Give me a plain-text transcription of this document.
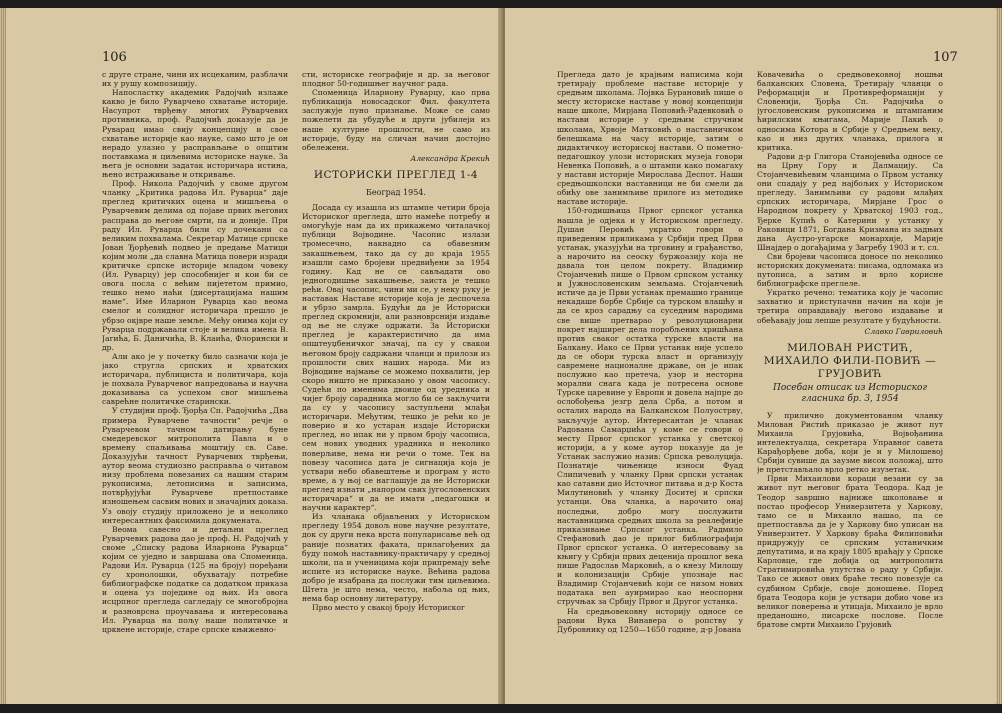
106

с друге стране, чини их исцеканим, разблачи их у рушу композицију.

Напосластку академик Радојчић излаже какво је било Руварчево схватање историје. Насупрот тврђењу многих Руварчевих противника, проф. Радојчић доказује да је Руварац имао свију концепцију и свое схватање историје као науке, само што је он нерадо улазио у расправљање о општим поставкама и циљевима историске науке. За њега је основни задатак историчара истина, њено истраживање и откривање.

Проф. Никола Радојчић у своме другом чланку „Критика радова Ил. Руварца“ даје преглед критичких оцена и мишљења о Руварчевим делима од појаве првих његових расправа до његове смрти, па и доније. При раду Ил. Руварца били су дочекани са великим похвалама. Секретар Матице српске Јован Ђорђевић подвео је предање Матици којим моли „да славна Матица повери изради критичке српске историје младом човеку (Ил. Руварцу) јер способнијег и кои би се овога посла с већим пијететом примио, тешко немо наћи (дисертацијама нашим наме“. Име Иларион Руварца као веома смелог и солидног историчара прешло је убрзо окјвре наше земље. Међу онима који су Руварца подржавали стоје и велика имена В. Јагића, Б. Даничића, В. Клаића, Флорински и др.

Али ако је у почетку било сазначи која је јако стругла српских и хрватских историчара, публициста и политичара, која је похвала Руварчевог напредовања и научна доказивања са успехом свог мишљења саврећне политичке старински.

У студијни проф. Ђорђа Сп. Радојчића „Два примера Руварчеве тачности“ речје о Руварчевом тачном датирању буне смедеревског митрополита Павла и о времену спаљивања моштију св. Саве. Доказујући тачност Руварчевих тврђењи, аутор веома студиозно расправља о читавом низу проблема повезаних са нашим старим рукописима, летописима и записима, потврђујући Руварчеве претпоставке изношењем сасвим нових и значајних доказа. Уз овоју студију приложено је и неколико интересантних факсимила докумената.

Веома савесно и детаљни преглед Руварчевих радова дао је проф. Н. Радојчић у своме „Списку радова Илариона Руварца“ којим се уједно и завршава ова Споменица. Радови Ил. Руварца (125 на броју) поређани су хронолошки, обухватају потребне библиографске податке са додатком приказа и оцена уз поједине од њих. Из овога исцрпног прегледа сагледају се многобројна и разноврсна проучавања и интересовања Ил. Руварца на пољу наше политичке и црквене историје, старе српске књижевно-

сти, историске географије и др. за његовог плодног 50-годишњег научног рада.

Споменица Илариону Руварцу, као прва публикација новосадског Фил. факултета заслужује пуно признање. Може се само пожелети да убудуће и други јубилеји из наше културне прошлости, не само из историје, буду на сличан начин достојно обележени.

Александра Крекић
ИСТОРИСКИ ПРЕГЛЕД 1-4
Београд 1954.

Досада су изашла из штампе четири броја Историског прегледа, што намеће потребу и омогућује нам да их прикажемо читалачкој публици Војводине. Часопис излази тромесечно, накнадно са обавезним закашњењем, тако да су до краја 1955 изашли само бројеви предвиђени за 1954 годину. Кад не се сављадати ово једногодишње закашњење, заиста је тешко рећи. Овај часопис, чини ми се, у неку руку је наставак Наставе историје која је деспочела и убрзо замрла. Будући да је Историски преглед скромнији, али разноврснији издање од ње не служе одржати. За Историски преглед је карактеристично да има општеуџбеничког значај, па су у свакои његовом броју садржани чланци и прилози из прошлости свих наших народа. Ми из Војводине најмање се можемо похвалити, јер скоро ништо не приказано у овом часопису. Судећи по именима двоице од уредника и чијег броју сарадника могло би се закључити да су у часопису заступљени млађи историчари. Међутим, тешко је рећи ко је поверио и ко устаран издаје Историски преглед, но ипак ни у првом броју часописа, сем нових уводних урадника и неколико поверљиве, нема ни речи о томе. Тек на повезу часописа дата је сигнација која је уствари небо обавештење и програм у исто време, а у њој се наглашује да не Историски преглед изнати „напором свих југословенских историчара“ и да не имати „педагошки и научни карактер“.

Из чланака објављених у Историском прегледу 1954 довољ нове научне резултате, док су други нека врста популарисање већ од раније познатих факата, прилагођених да буду помоћ наставнику-практичару у средњој школи, па и ученицима који припремају веће испите из историске науке. Већина радова добро је изабрана да послужи тим циљевима. Штета је што нема, често, набоља од њих, нема бар основну литературу.

Прво место у свакој броју Историског

107

Прегледа дато је крајњим написима који третирају проблеме наставе историје у средњим школама. Лојвка Бурановић пише о месту историске наставе у новој концепцији наше школе, Мирјана Поповић-Радевковић о настави историје у средњим стручним школама, Хрвоје Матковић о наставничком белешкама на часу историје, затим о дидактичкоу историској настави. О пометно-педагошкоу улози историских музеја говори Невенка Поповић, а о штампи како помагаху у настави историје Мирослава Деспот. Наши средњошколски наставници не би смели да обићу ове занимљиве прилоге из методике наставе историје.

150-годишњица Првог српског устанка нашла је одјека и у Историском прегледу. Душан Перовић укратко говори о приведеним приликама у Србији пред Први устанак, указујући на трговину и грађанство, а нарочито на сеоску буржоазију која не давала тон целом покрету. Владимир Стојанчевић пише о Првом српском устанку и Јужнословенским земљама. Стојанчевић истиче да је Први устанак премашио границе некадаше борбе Србије са турском влашћу и да се кроз сарадњу са суседним народима све више претварао у револуционарни покрет најширег дела поробљених хришћана против сваког остатка турске власти на Балкану. Иако се Први устанак није успело да се обори турска власт и организују савремене националне државе, он је ипак послужио као претеча, узор и несторна морални снага када је потресена основе Турске царевине у Европи и довела најпре до ослобођења језгр дела Срба, а потом и осталих народа на Балканском Полуострву, закључује аутор. Интересантан је чланак Радована Самарџића у коме се говори о месту Првог српског устанка у светској историји, а у коме аутор показује да је Устанак заслужио назив: Српска револуција. Познатије чињенице износи Фуад Слипичевић у чланку Први српски устанак као сатавни дио Источног питања и д-р Коста Милутиновић у чланку Доситеј и српски устанци. Ова чланка, а нарочито онај последњи, добро могу послужити наставницима средњих школа за реалефније приказивање Српског устанка. Радмило Стефановић дао је прилог библиографији Првог српског устанка. О интересовању за књигу у Србији првих деценија прошлог века пише Радослав Марковић, а о кнезу Милошу и колонизацији Србије упознаје нас Владимир Стојанчевић који се низом нових података веп ауирмирао као неоспорни стручњак за Србију Првог и Другог устанка.

На средњовековну историју односе се радови Вука Винавера о ропству у Дубровнику од 1250—1650 године, д-р Јована

Ковачевића о средњовековној ношњи балканских Словена, Третирају чланци о Реформацији и Противреформацији у Словенији, Ђорђа Сп. Радојчића о југословенским рукописима и штампаним ћирилским књигама, Марије Пакић о односима Котора и Србије у Средњем веку, као и низ других чланака, прилога и критика.

Радови д-р Глигора Станојевића односе се на Црну Гору и Далмацију. Са Стојанчевићевим чланцима о Првом устанку они спадају у ред најбољих у Историском прегледу. Занимљиви су радови млађих српских историчара, Мирјане Грос о Народном покрету у Хрватској 1903 год., Ђерке Купић о Катерини у устанку у Раковици 1871, Богдана Кризмана из задњих дана Аустро-угарске монархије, Марије Шнајдер о догађајима у Загребу 1903 и т. сл.

Сви бројеви часописа доносе по неколико историских докумената: писама, одломака из путописа, а затим и врло корисне библиографске преглеле.

Укратко речено: тематика коју је часопис захватио и приступачни начин на који је третира оправдавају његово издавање и обећавају још лепше резултате у будућности.

Славко Гавриловић
МИЛОВАН РИСТИЋ, МИХАИЛО ФИЛИ-ПОВИЋ — ГРУЈОВИЋ
Посебан отисак из Историског гласника бр. 3, 1954

У прилично документованом чланку Милован Ристић приказао је живот пут Михаила Грујовића, Војвођанина интелектуалца, секретара Управног савета Карађорђеве доба, који је и у Милошевој Србији сувише да заузме висок положај, што је претстављало врло ретко изузетак.

Први Михаилови кораци везани су за живот пут његовог брата Теодора. Кад је Теодор завршио најниже школовање и постао професор Универзитета у Харкову, тамо се и Михаило нашао, па се претпоставља да је у Харкову био уписан на Универзитет. У Харкову браћа Филиповићи придружују се српским устаничким депутатима, и на крају 1805 враћају у Српске Карловце, где добија од митрополита Стратимировића упутства о раду у Србији. Тако се живот ових браће тесно повезује са судбином Србије, своје доношење. Поред брата Теодора који је уствари добио чове из великог поверења и утицаја, Михаило је врло преданошно, писарске послове. После братове смрти Михаило Грујовић
